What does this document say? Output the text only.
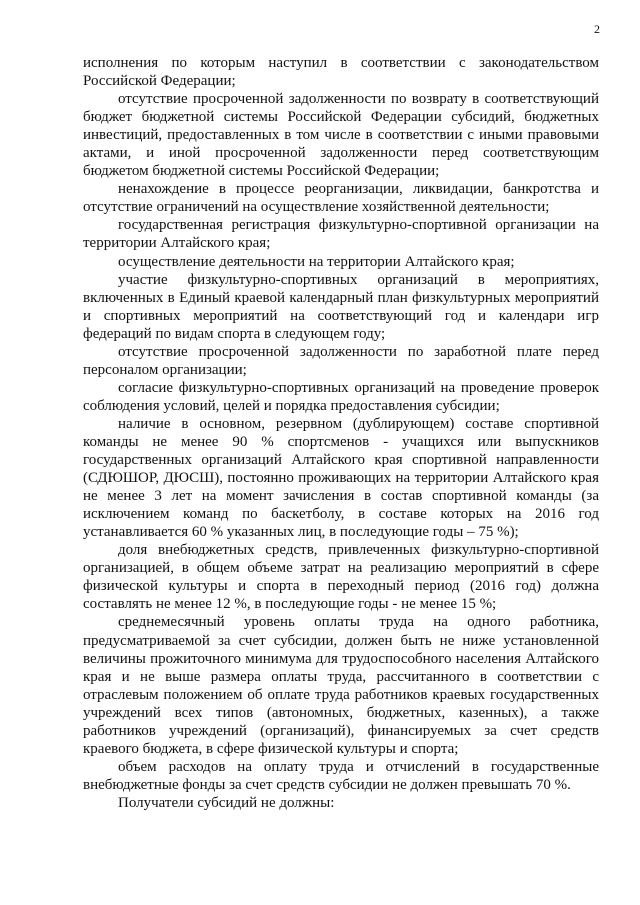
2

исполнения по которым наступил в соответствии с законодательством Российской Федерации;

отсутствие просроченной задолженности по возврату в соответствующий бюджет бюджетной системы Российской Федерации субсидий, бюджетных инвестиций, предоставленных в том числе в соответствии с иными правовыми актами, и иной просроченной задолженности перед соответствующим бюджетом бюджетной системы Российской Федерации;

ненахождение в процессе реорганизации, ликвидации, банкротства и отсутствие ограничений на осуществление хозяйственной деятельности;

государственная регистрация физкультурно-спортивной организации на территории Алтайского края;

осуществление деятельности на территории Алтайского края;

участие физкультурно-спортивных организаций в мероприятиях, включенных в Единый краевой календарный план физкультурных мероприятий и спортивных мероприятий на соответствующий год и календари игр федераций по видам спорта в следующем году;

отсутствие просроченной задолженности по заработной плате перед персоналом организации;

согласие физкультурно-спортивных организаций на проведение проверок соблюдения условий, целей и порядка предоставления субсидии;

наличие в основном, резервном (дублирующем) составе спортивной команды не менее 90 % спортсменов - учащихся или выпускников государственных организаций Алтайского края спортивной направленности (СДЮШОР, ДЮСШ), постоянно проживающих на территории Алтайского края не менее 3 лет на момент зачисления в состав спортивной команды (за исключением команд по баскетболу, в составе которых на 2016 год устанавливается 60 % указанных лиц, в последующие годы – 75 %);

доля внебюджетных средств, привлеченных физкультурно-спортивной организацией, в общем объеме затрат на реализацию мероприятий в сфере физической культуры и спорта в переходный период (2016 год) должна составлять не менее 12 %, в последующие годы - не менее 15 %;

среднемесячный уровень оплаты труда на одного работника, предусматриваемой за счет субсидии, должен быть не ниже установленной величины прожиточного минимума для трудоспособного населения Алтайского края и не выше размера оплаты труда, рассчитанного в соответствии с отраслевым положением об оплате труда работников краевых государственных учреждений всех типов (автономных, бюджетных, казенных), а также работников учреждений (организаций), финансируемых за счет средств краевого бюджета, в сфере физической культуры и спорта;

объем расходов на оплату труда и отчислений в государственные внебюджетные фонды за счет средств субсидии не должен превышать 70 %.

Получатели субсидий не должны:
